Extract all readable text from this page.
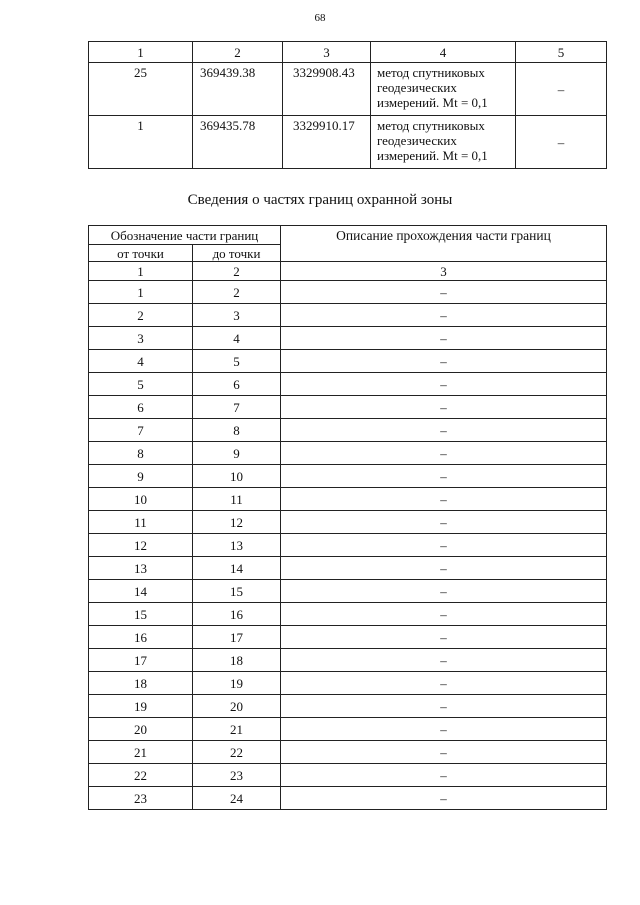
68
1	2	3	4	5
25	369439.38	3329908.43	метод спутниковых
геодезических
измерений. Mt = 0,1	–
1	369435.78	3329910.17	метод спутниковых
геодезических
измерений. Mt = 0,1	–
Сведения о частях границ охранной зоны
Обозначение части границ		Описание прохождения части границ
от точки	до точки	
1	2	3
1	2	–
2	3	–
3	4	–
4	5	–
5	6	–
6	7	–
7	8	–
8	9	–
9	10	–
10	11	–
11	12	–
12	13	–
13	14	–
14	15	–
15	16	–
16	17	–
17	18	–
18	19	–
19	20	–
20	21	–
21	22	–
22	23	–
23	24	–
